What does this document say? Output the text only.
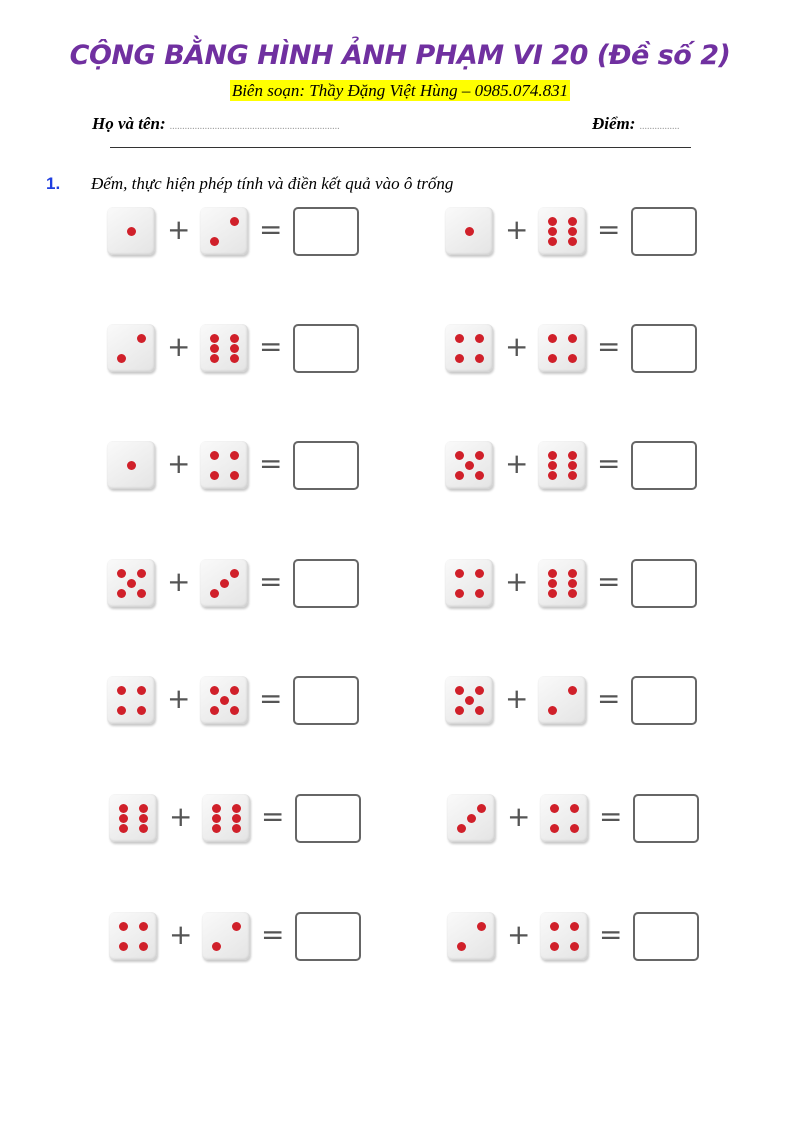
CỘNG BẰNG HÌNH ẢNH PHẠM VI 20 (Đề số 2)
Biên soạn: Thầy Đặng Việt Hùng – 0985.074.831
Họ và tên: ....................................................................	Điểm: ................
1. Đếm, thực hiện phép tính và điền kết quả vào ô trống
+ =	+ =
+ =	+ =
+ =	+ =
+ =	+ =
+ =	+ =
+ =	+ =
+ =	+ =
